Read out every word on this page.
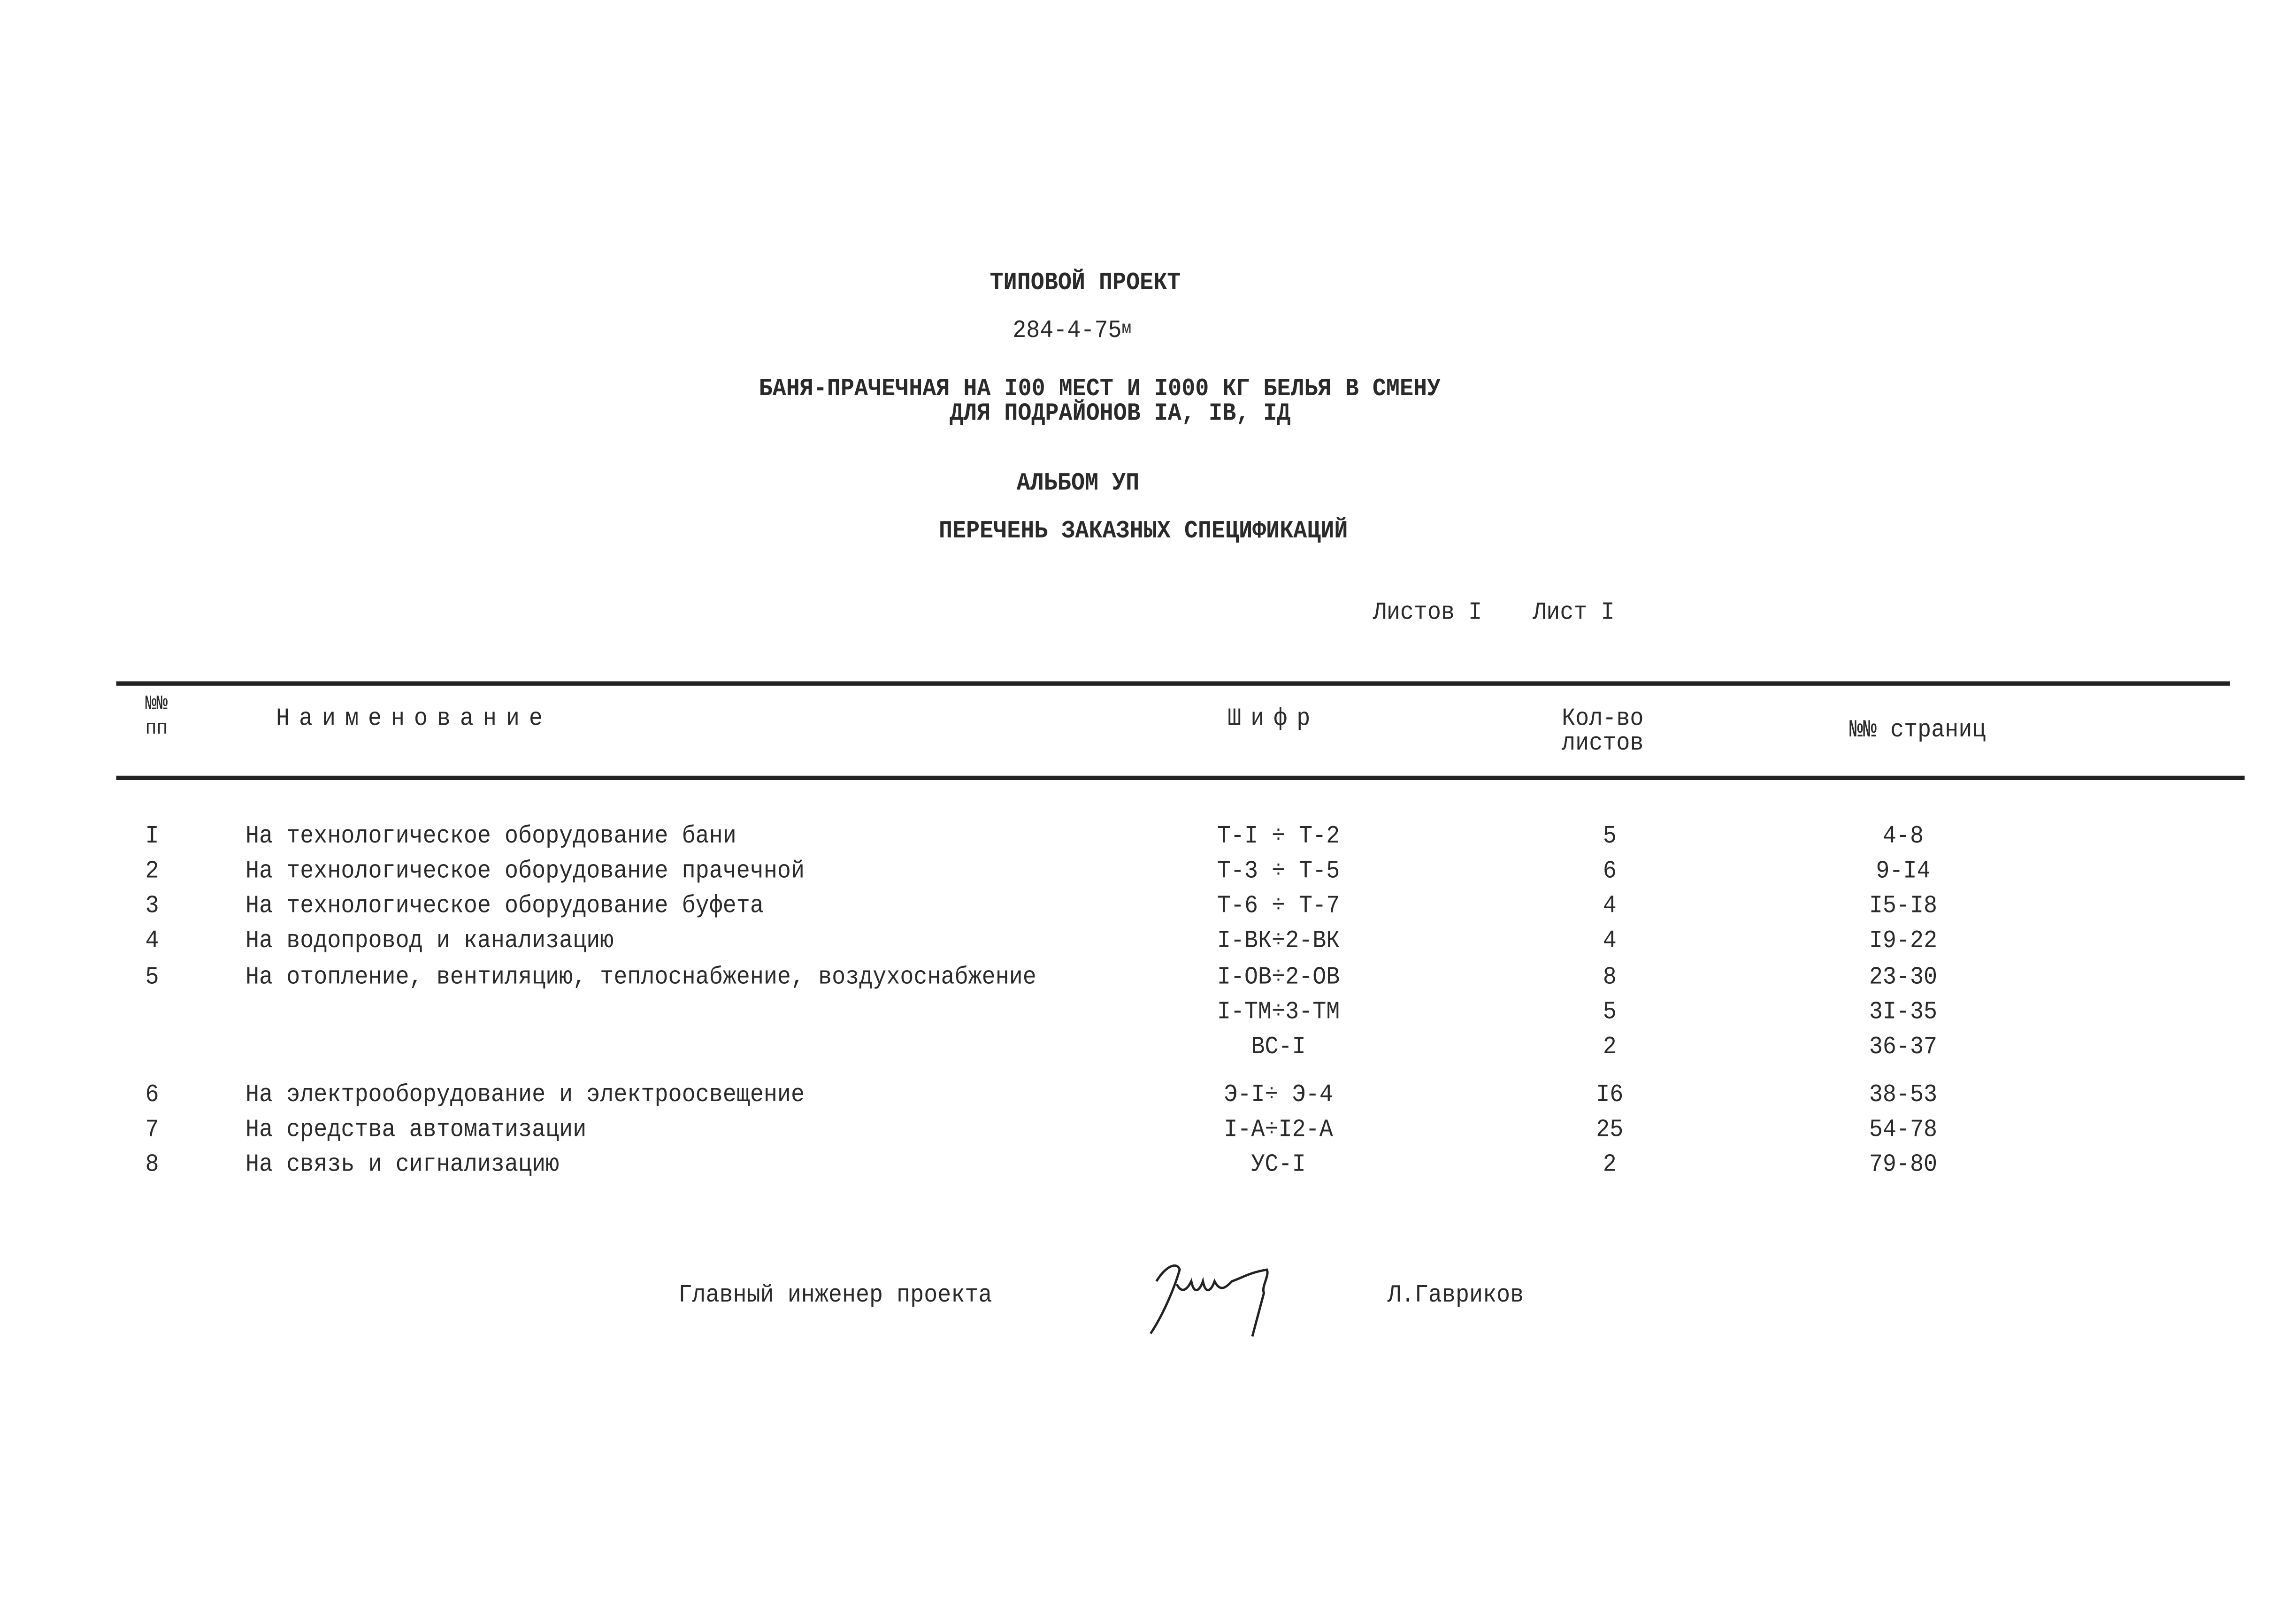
ТИПОВОЙ ПРОЕКТ
$284-4-75^м$
БАНЯ-ПРАЧЕЧНАЯ НА I00 МЕСТ И I000 КГ БЕЛЬЯ В СМЕНУ
ДЛЯ ПОДРАЙОНОВ IА, IВ, IД
АЛЬБОМ УП
ПЕРЕЧЕНЬ ЗАКАЗНЫХ СПЕЦИФИКАЦИЙ
Листов I	Лист I
№№
пп	Наименование	Шифр	Кол-во
листов	№№ страниц
I	На технологическое оборудование бани	Т-I ÷ Т-2	5	4-8
2	На технологическое оборудование прачечной	Т-3 ÷ Т-5	6	9-I4
3	На технологическое оборудование буфета	Т-6 ÷ Т-7	4	I5-I8
4	На водопровод и канализацию	I-ВК÷2-ВК	4	I9-22
5	На отопление, вентиляцию, теплоснабжение, воздухоснабжение	I-ОВ÷2-ОВ	8	23-30
I-ТМ÷3-ТМ	5	3I-35
ВС-I	2	36-37
6	На электрооборудование и электроосвещение	Э-I÷ Э-4	I6	38-53
7	На средства автоматизации	I-А÷I2-А	25	54-78
8	На связь и сигнализацию	УС-I	2	79-80
Главный инженер проекта	Л.Гавриков
